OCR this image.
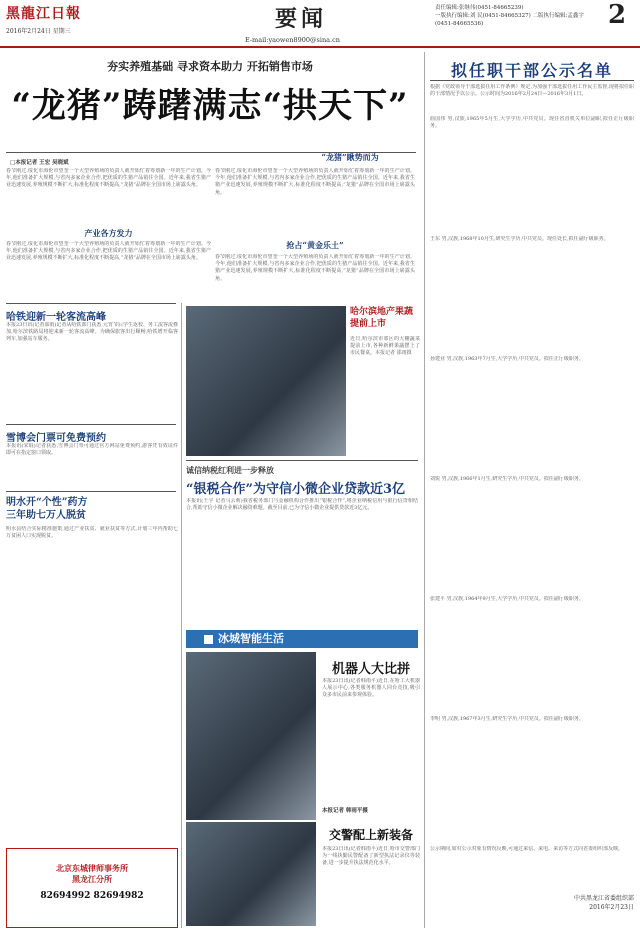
黑龍江日報
2016年2月24日 星期三	要闻
E-mail:yaowen8900@sina.cn
责任编辑:张继伟(0451-84665239)
一版执行编辑:刘 民(0451-84665327) 二版执行编辑:孟鑫宇(0451-84665536)	2
夯实养殖基础 寻求资本助力 开拓销售市场
“龙猪”踌躇满志“拱天下”
□本报记者 王宏 吴晓斌
春节刚过,绥化市海伦市望奎一个大型养殖场的负责人就开始忙着筹划新一年的生产计划。今年,他们准备扩大规模,与省内多家企业合作,把优质的生猪产品销往全国。近年来,我省生猪产业迅速发展,养殖规模不断扩大,标准化程度不断提高,“龙猪”品牌在全国市场上崭露头角。
产业各方发力
春节刚过,绥化市海伦市望奎一个大型养殖场的负责人就开始忙着筹划新一年的生产计划。今年,他们准备扩大规模,与省内多家企业合作,把优质的生猪产品销往全国。近年来,我省生猪产业迅速发展,养殖规模不断扩大,标准化程度不断提高,“龙猪”品牌在全国市场上崭露头角。
春节刚过,绥化市海伦市望奎一个大型养殖场的负责人就开始忙着筹划新一年的生产计划。今年,他们准备扩大规模,与省内多家企业合作,把优质的生猪产品销往全国。近年来,我省生猪产业迅速发展,养殖规模不断扩大,标准化程度不断提高,“龙猪”品牌在全国市场上崭露头角。
抢占“黄金乐土”
春节刚过,绥化市海伦市望奎一个大型养殖场的负责人就开始忙着筹划新一年的生产计划。今年,他们准备扩大规模,与省内多家企业合作,把优质的生猪产品销往全国。近年来,我省生猪产业迅速发展,养殖规模不断扩大,标准化程度不断提高,“龙猪”品牌在全国市场上崭露头角。
“龙猪”瞅势而为
哈铁迎新一轮客流高峰
本报23日讯(记者邵雨)记者从哈铁部门获悉,元宵节后学生返校、务工流客流叠加,哈尔滨铁路局将迎来新一轮客流高峰。为确保旅客出行顺畅,哈铁增开临客列车,加强站车服务。
雪博会门票可免费预约
本报讯(宋琨)记者获悉,雪博会门票可通过官方网站免费预约,游客凭有效证件即可在指定窗口领取。
明水开“个性”药方
三年助七万人脱贫
明水县结合实际精准施策,通过产业扶贫、就业扶贫等方式,计划三年内帮助七万贫困人口实现脱贫。
北京东城律师事务所
黑龙江分所
82694992 82694982
哈尔滨地产果蔬
提前上市
近日,哈尔滨市郊区的大棚蔬菜提前上市,各种新鲜果蔬摆上了市民餐桌。本报记者 邵雨摄
诚信纳税红利进一步释放
“银税合作”为守信小微企业贷款近3亿
本报讯(王宇 记者马云莉)我省税务部门与金融机构合作推出“银税合作”,将企业纳税信用与银行信贷相结合,帮助守信小微企业解决融资难题。截至目前,已为守信小微企业提供贷款近3亿元。
冰城智能生活
机器人大比拼
本报23日讯(记者韩雨平)近日,在哈工大机器人展示中心,各类服务机器人同台竞技,吸引众多市民前来参观体验。
本报记者 韩雨平摄
交警配上新装备
本报23日讯(记者韩雨平)近日,哈市交警部门为一线执勤民警配备了新型执法记录仪等装备,进一步提升执法规范化水平。
拟任职干部公示名单
根据《党政领导干部选拔任用工作条例》规定,为加强干部选拔任用工作民主监督,现将拟任职的干部情况予以公示。公示时间为2016年2月24日—2016年3月1日。
曲国伟 男,汉族,1965年5月生,大学学历,中共党员。现任省直机关单位副职,拟任正厅级职务。
王东 男,汉族,1968年10月生,研究生学历,中共党员。现任处长,拟任副厅级职务。
孙建业 男,汉族,1963年7月生,大学学历,中共党员。拟任正厅级职务。
刘锐 男,汉族,1966年1月生,研究生学历,中共党员。拟任副厅级职务。
张建平 男,汉族,1964年9月生,大学学历,中共党员。拟任副厅级职务。
李明 男,汉族,1967年3月生,研究生学历,中共党员。拟任副厅级职务。
公示期间,如对公示对象有情况反映,可通过来信、来电、来访等方式向省委组织部反映。
中共黑龙江省委组织部
2016年2月23日
